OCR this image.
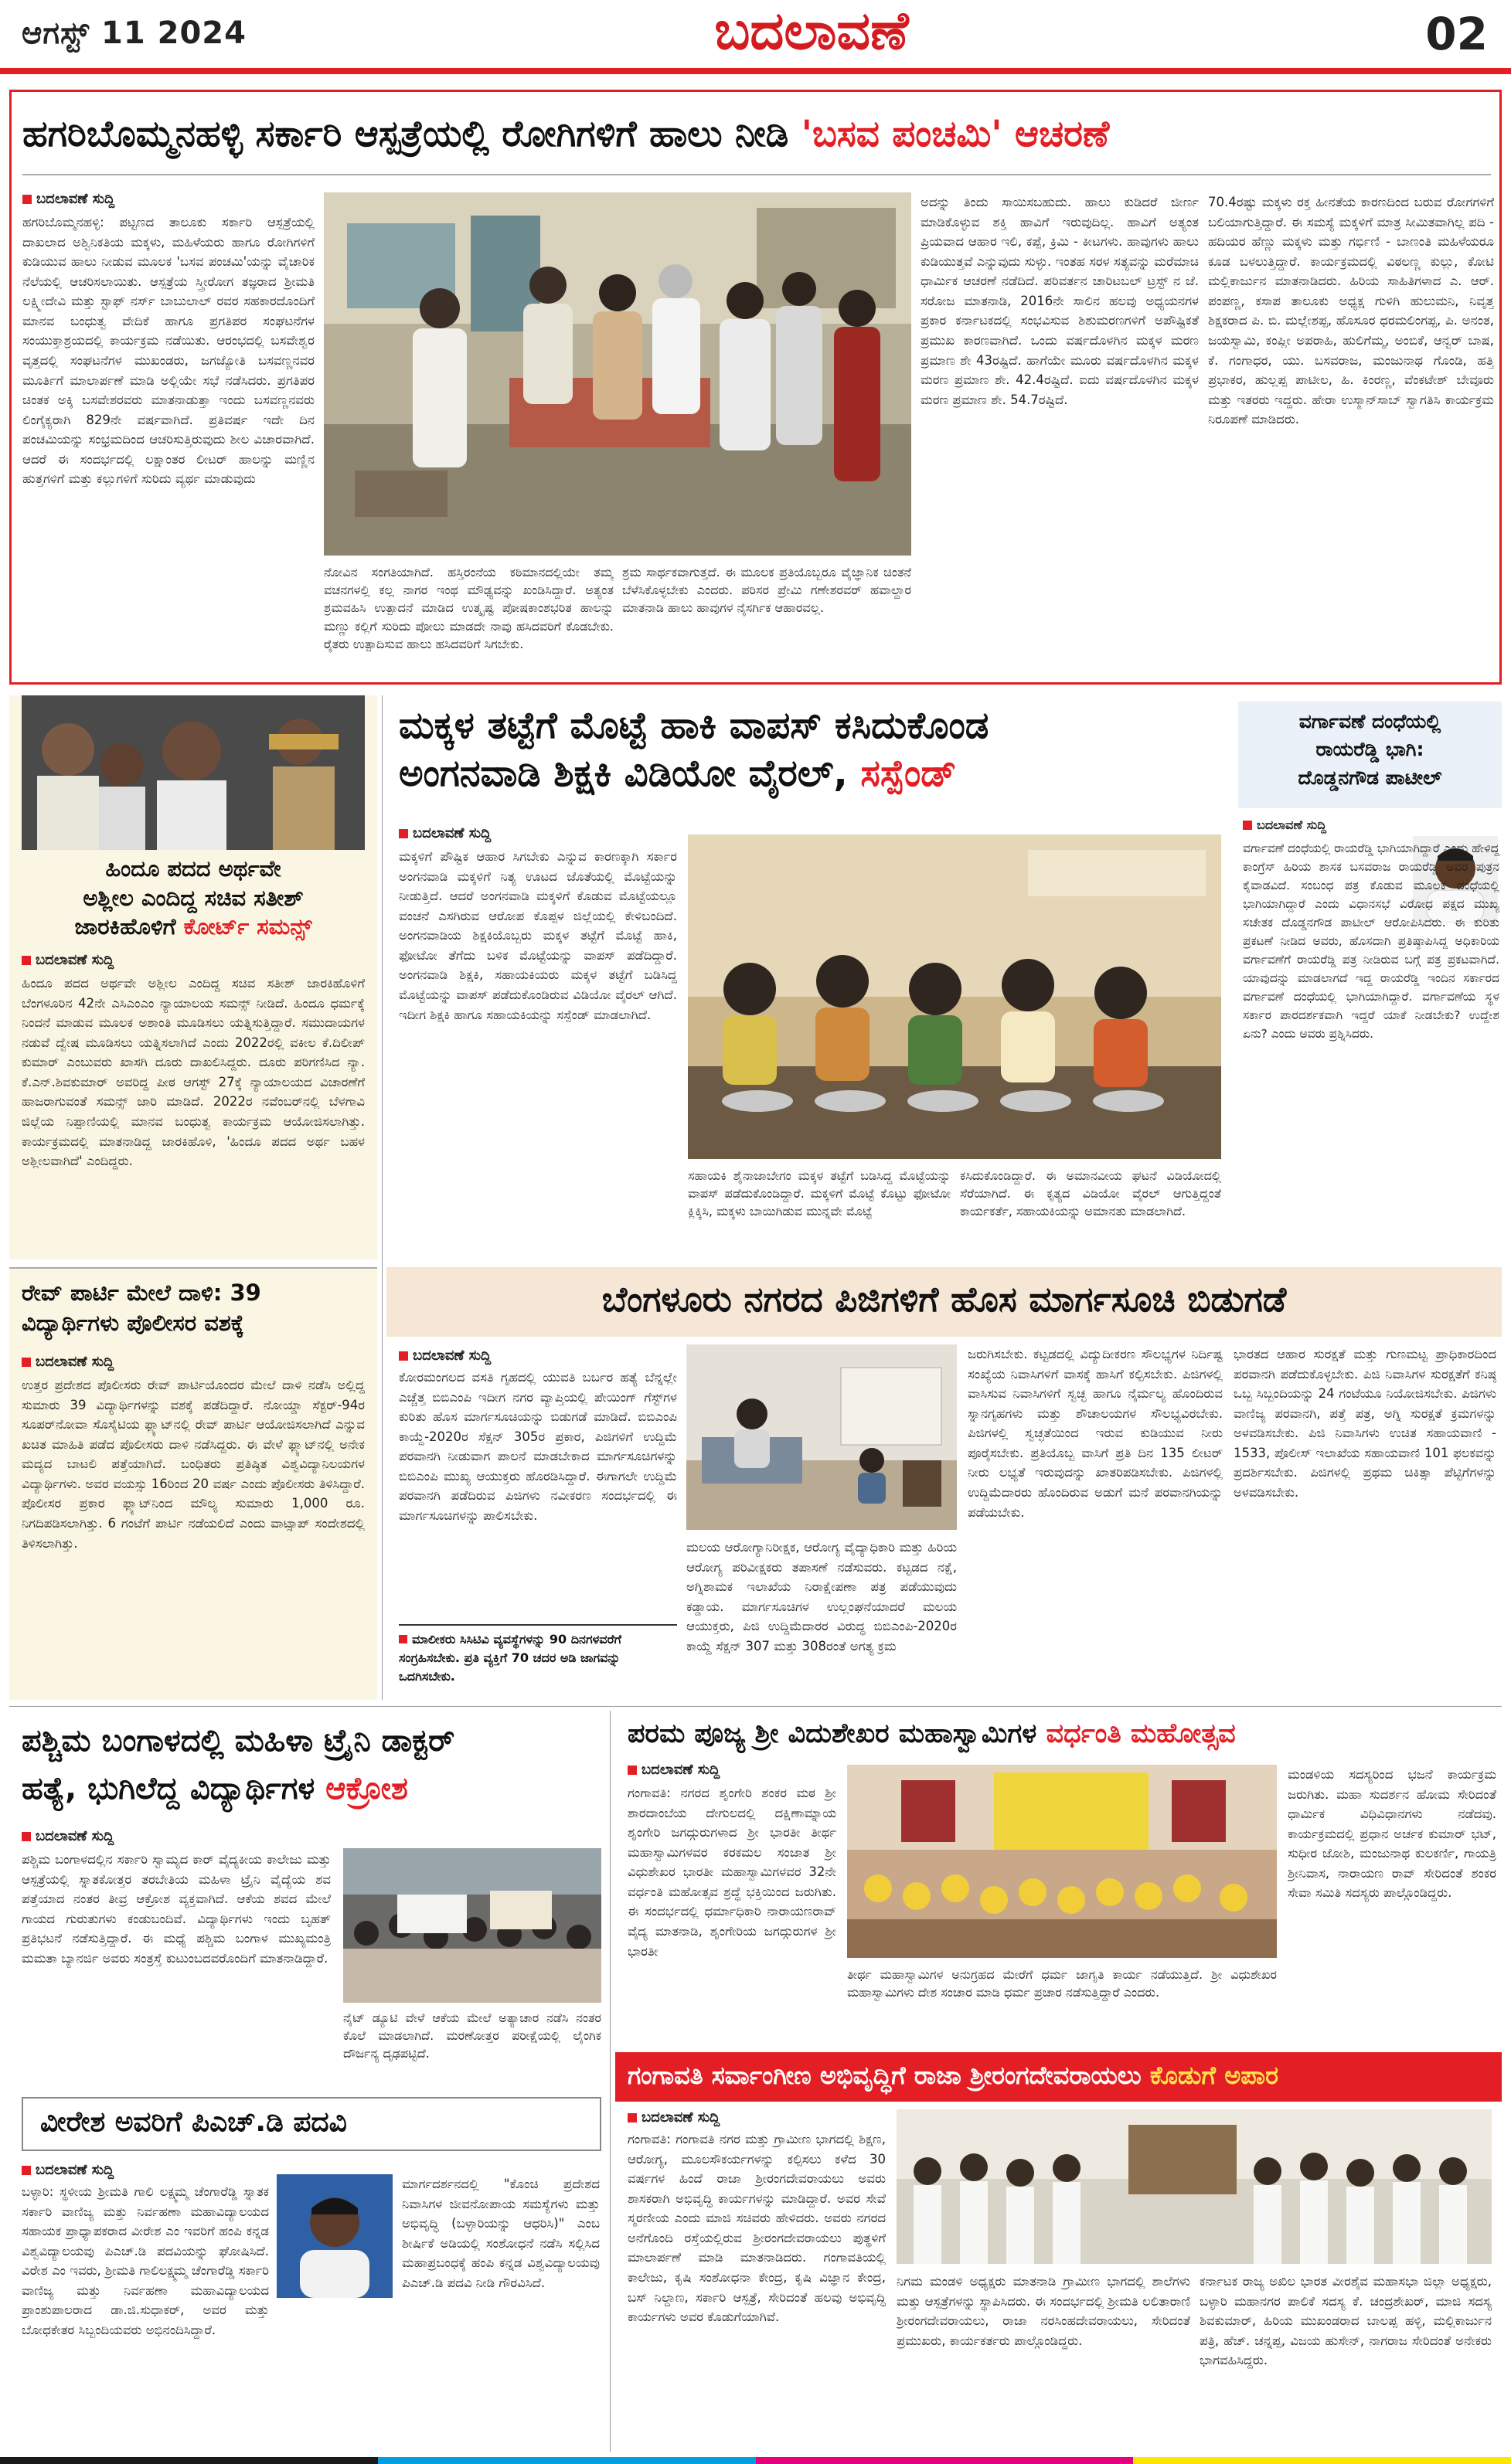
ಆಗಸ್ಟ್ 11 2024	ಬದಲಾವಣೆ	02
ಹಗರಿಬೊಮ್ಮನಹಳ್ಳಿ ಸರ್ಕಾರಿ ಆಸ್ಪತ್ರೆಯಲ್ಲಿ ರೋಗಿಗಳಿಗೆ ಹಾಲು ನೀಡಿ 'ಬಸವ ಪಂಚಮಿ' ಆಚರಣೆ
ಬದಲಾವಣೆ ಸುದ್ದಿ
ಹಗರಿಬೊಮ್ಮನಹಳ್ಳಿ: ಪಟ್ಟಣದ ತಾಲೂಕು ಸರ್ಕಾರಿ ಆಸ್ಪತ್ರೆಯಲ್ಲಿ ದಾಖಲಾದ ಅಶ್ವಿನಿಕತಿಯ ಮಕ್ಕಳು, ಮಹಿಳೆಯರು ಹಾಗೂ ರೋಗಿಗಳಿಗೆ ಕುಡಿಯುವ ಹಾಲು ನೀಡುವ ಮೂಲಕ 'ಬಸವ ಪಂಚಮಿ'ಯನ್ನು ವೈಚಾರಿಕ ನೆಲೆಯಲ್ಲಿ ಆಚರಿಸಲಾಯಿತು. ಆಸ್ಪತ್ರೆಯ ಸ್ತ್ರೀರೋಗ ತಜ್ಞರಾದ ಶ್ರೀಮತಿ ಲಕ್ಷ್ಮೀದೇವಿ ಮತ್ತು ಸ್ಟಾಫ್ ನರ್ಸ್ ಬಾಬುಲಾಲ್ ರವರ ಸಹಕಾರದೊಂದಿಗೆ ಮಾನವ ಬಂಧುತ್ವ ವೇದಿಕೆ ಹಾಗೂ ಪ್ರಗತಿಪರ ಸಂಘಟನೆಗಳ ಸಂಯುಕ್ತಾಶ್ರಯದಲ್ಲಿ ಕಾರ್ಯಕ್ರಮ ನಡೆಯಿತು. ಆರಂಭದಲ್ಲಿ ಬಸವೇಶ್ವರ ವೃತ್ತದಲ್ಲಿ ಸಂಘಟನೆಗಳ ಮುಖಂಡರು, ಜಗಜ್ಯೋತಿ ಬಸವಣ್ಣನವರ ಮೂರ್ತಿಗೆ ಮಾಲಾರ್ಪಣೆ ಮಾಡಿ ಅಲ್ಲಿಯೇ ಸಭೆ ನಡೆಸಿದರು. ಪ್ರಗತಿಪರ ಚಿಂತಕ ಅಕ್ಕಿ ಬಸವೇಶರವರು ಮಾತನಾಡುತ್ತಾ ಇಂದು ಬಸವಣ್ಣನವರು ಲಿಂಗೈಕ್ಯರಾಗಿ 829ನೇ ವರ್ಷವಾಗಿದೆ. ಪ್ರತಿವರ್ಷ ಇದೇ ದಿನ ಪಂಚಮಿಯನ್ನು ಸಂಭ್ರಮದಿಂದ ಆಚರಿಸುತ್ತಿರುವುದು ಶೀಲ ವಿಚಾರವಾಗಿದೆ. ಆದರೆ ಈ ಸಂದರ್ಭದಲ್ಲಿ ಲಕ್ಷಾಂತರ ಲೀಟರ್ ಹಾಲನ್ನು ಮಣ್ಣಿನ ಹುತ್ತಗಳಿಗೆ ಮತ್ತು ಕಲ್ಲುಗಳಿಗೆ ಸುರಿದು ವ್ಯರ್ಥ ಮಾಡುವುದು
ನೋವಿನ ಸಂಗತಿಯಾಗಿದೆ. ಹಸ್ತಿರಂನೆಯ ಕಠಿಮಾನದಲ್ಲಿಯೇ ತಮ್ಮ ವಚನಗಳಲ್ಲಿ ಕಲ್ಲ ನಾಗರ ಇಂಥ ಮೌಢ್ಯವನ್ನು ಖಂಡಿಸಿದ್ದಾರೆ. ಅತ್ಯಂತ ಶ್ರಮವಹಿಸಿ ಉತ್ಪಾದನೆ ಮಾಡಿದ ಉತ್ಕೃಷ್ಟ ಪೋಷಕಾಂಶಭರಿತ ಹಾಲನ್ನು ಮಣ್ಣು ಕಲ್ಲಿಗೆ ಸುರಿದು ಪೋಲು ಮಾಡದೇ ನಾವು ಹಸಿದವರಿಗೆ ಕೊಡಬೇಕು. ರೈತರು ಉತ್ಪಾದಿಸುವ ಹಾಲು ಹಸಿದವರಿಗೆ ಸಿಗಬೇಕು.
ಶ್ರಮ ಸಾರ್ಥಕವಾಗುತ್ತದೆ. ಈ ಮೂಲಕ ಪ್ರತಿಯೊಬ್ಬರೂ ವೈಜ್ಞಾನಿಕ ಚಿಂತನೆ ಬೆಳೆಸಿಕೊಳ್ಳಬೇಕು ಎಂದರು. ಪರಿಸರ ಪ್ರೇಮಿ ಗಣೇಶರವರ್ ಹವಾಲ್ದಾರ ಮಾತನಾಡಿ ಹಾಲು ಹಾವುಗಳ ನೈಸರ್ಗಿಕ ಆಹಾರವಲ್ಲ.
ಅದನ್ನು ತಿಂದು ಸಾಯಿಸಬಹುದು. ಹಾಲು ಕುಡಿದರೆ ಜೀರ್ಣ ಮಾಡಿಕೊಳ್ಳುವ ಶಕ್ತಿ ಹಾವಿಗೆ ಇರುವುದಿಲ್ಲ. ಹಾವಿಗೆ ಅತ್ಯಂತ ಪ್ರಿಯವಾದ ಆಹಾರ ಇಲಿ, ಕಪ್ಪೆ, ಕ್ರಿಮಿ - ಕೀಟಗಳು. ಹಾವುಗಳು ಹಾಲು ಕುಡಿಯುತ್ತವೆ ಎನ್ನುವುದು ಸುಳ್ಳು. ಇಂತಹ ಸರಳ ಸತ್ಯವನ್ನು ಮರೆಮಾಚಿ ಧಾರ್ಮಿಕ ಆಚರಣೆ ನಡೆದಿದೆ. ಪರಿವರ್ತನ ಚಾರಿಟಬಲ್ ಟ್ರಸ್ಟ್ ನ ಜೆ. ಸರೋಜ ಮಾತನಾಡಿ, 2016ನೇ ಸಾಲಿನ ಹಲವು ಅಧ್ಯಯನಗಳ ಪ್ರಕಾರ ಕರ್ನಾಟಕದಲ್ಲಿ ಸಂಭವಿಸುವ ಶಿಶುಮರಣಗಳಿಗೆ ಅಪೌಷ್ಟಿಕತೆ ಪ್ರಮುಖ ಕಾರಣವಾಗಿದೆ. ಒಂದು ವರ್ಷದೊಳಗಿನ ಮಕ್ಕಳ ಮರಣ ಪ್ರಮಾಣ ಶೇ 43ರಷ್ಟಿದೆ. ಹಾಗೆಯೇ ಮೂರು ವರ್ಷದೊಳಗಿನ ಮಕ್ಕಳ ಮರಣ ಪ್ರಮಾಣ ಶೇ. 42.4ರಷ್ಟಿದೆ. ಐದು ವರ್ಷದೊಳಗಿನ ಮಕ್ಕಳ ಮರಣ ಪ್ರಮಾಣ ಶೇ. 54.7ರಷ್ಟಿದೆ.
70.4ರಷ್ಟು ಮಕ್ಕಳು ರಕ್ತ ಹೀನತೆಯ ಕಾರಣದಿಂದ ಬರುವ ರೋಗಗಳಿಗೆ ಬಲಿಯಾಗುತ್ತಿದ್ದಾರೆ. ಈ ಸಮಸ್ಯೆ ಮಕ್ಕಳಿಗೆ ಮಾತ್ರ ಸೀಮಿತವಾಗಿಲ್ಲ ಪದಿ - ಹದಿಯರ ಹೆಣ್ಣು ಮಕ್ಕಳು ಮತ್ತು ಗರ್ಭಿಣಿ - ಬಾಣಂತಿ ಮಹಿಳೆಯರೂ ಕೂಡ ಬಳಲುತ್ತಿದ್ದಾರೆ. ಕಾರ್ಯಕ್ರಮದಲ್ಲಿ ವಿಠಲಣ್ಣ ಕುಲ್ಲು, ಕೋಟಿ ಮಲ್ಲಿಕಾರ್ಜುನ ಮಾತನಾಡಿದರು. ಹಿರಿಯ ಸಾಹಿತಿಗಳಾದ ಎ. ಆರ್. ಪಂಪಣ್ಣ, ಕಸಾಪ ತಾಲೂಕು ಅಧ್ಯಕ್ಷ ಗುಳಿಗಿ ಹುಲುಮನಿ, ನಿವೃತ್ತ ಶಿಕ್ಷಕರಾದ ಪಿ. ಬಿ. ಮಲ್ಲೇಶಪ್ಪ, ಹೊಸೂರ ಧರಮಲಿಂಗಪ್ಪ, ಪಿ. ಅನಂತ, ಜಯಸ್ವಾಮಿ, ಕಂಪ್ಲೀ ಅಪರಾಹಿ, ಹುಲಿಗೆಮ್ಮ, ಅಂಬಿಕೆ, ಆನ್ವರ್ ಬಾಷ, ಕೆ. ಗಂಗಾಧರ, ಯು. ಬಸವರಾಜ, ಮಂಜುನಾಥ ಗೊಂಡಿ, ಹತ್ತಿ ಪ್ರಭಾಕರ, ಹುಲ್ಲಪ್ಪ ಪಾಟೀಲ, ಹಿ. ಕಿಂರಣ್ಣ, ವೆಂಕಟೇಶ್ ಬೇವೂರು ಮತ್ತು ಇತರರು ಇದ್ದರು. ಹೇರಾ ಉಸ್ಮಾನ್‌ಸಾಬ್ ಸ್ವಾಗತಿಸಿ ಕಾರ್ಯಕ್ರಮ ನಿರೂಪಣೆ ಮಾಡಿದರು.
ಹಿಂದೂ ಪದದ ಅರ್ಥವೇ
ಅಶ್ಲೀಲ ಎಂದಿದ್ದ ಸಚಿವ ಸತೀಶ್
ಜಾರಕಿಹೊಳಿಗೆ ಕೋರ್ಟ್ ಸಮನ್ಸ್
ಬದಲಾವಣೆ ಸುದ್ದಿ
ಹಿಂದೂ ಪದದ ಅರ್ಥವೇ ಅಶ್ಲೀಲ ಎಂದಿದ್ದ ಸಚಿವ ಸತೀಶ್ ಜಾರಕಿಹೊಳಿಗೆ ಬೆಂಗಳೂರಿನ 42ನೇ ಎಸಿಎಂಎಂ ನ್ಯಾಯಾಲಯ ಸಮನ್ಸ್ ನೀಡಿದೆ. ಹಿಂದೂ ಧರ್ಮಕ್ಕೆ ನಿಂದನೆ ಮಾಡುವ ಮೂಲಕ ಅಶಾಂತಿ ಮೂಡಿಸಲು ಯತ್ನಿಸುತ್ತಿದ್ದಾರೆ. ಸಮುದಾಯಗಳ ನಡುವೆ ದ್ವೇಷ ಮೂಡಿಸಲು ಯತ್ನಿಸಲಾಗಿದೆ ಎಂದು 2022ರಲ್ಲಿ ವಕೀಲ ಕೆ.ದಿಲೀಪ್ ಕುಮಾರ್ ಎಂಬುವರು ಖಾಸಗಿ ದೂರು ದಾಖಲಿಸಿದ್ದರು. ದೂರು ಪರಿಗಣಿಸಿದ ನ್ಯಾ. ಕೆ.ಎನ್.ಶಿವಕುಮಾರ್ ಅವರಿದ್ದ ಪೀಠ ಆಗಸ್ಟ್ 27ಕ್ಕೆ ನ್ಯಾಯಾಲಯದ ವಿಚಾರಣೆಗೆ ಹಾಜರಾಗುವಂತೆ ಸಮನ್ಸ್ ಜಾರಿ ಮಾಡಿದೆ. 2022ರ ನವೆಂಬರ್‌ನಲ್ಲಿ ಬೆಳಗಾವಿ ಜಿಲ್ಲೆಯ ನಿಪ್ಪಾಣಿಯಲ್ಲಿ ಮಾನವ ಬಂಧುತ್ವ ಕಾರ್ಯಕ್ರಮ ಆಯೋಜಿಸಲಾಗಿತ್ತು. ಕಾರ್ಯಕ್ರಮದಲ್ಲಿ ಮಾತನಾಡಿದ್ದ ಜಾರಕಿಹೊಳಿ, 'ಹಿಂದೂ ಪದದ ಅರ್ಥ ಬಹಳ ಅಶ್ಲೀಲವಾಗಿದೆ' ಎಂದಿದ್ದರು.
ರೇವ್ ಪಾರ್ಟಿ ಮೇಲೆ ದಾಳಿ: 39 ವಿದ್ಯಾರ್ಥಿಗಳು ಪೊಲೀಸರ ವಶಕ್ಕೆ
ಬದಲಾವಣೆ ಸುದ್ದಿ
ಉತ್ತರ ಪ್ರದೇಶದ ಪೊಲೀಸರು ರೇವ್ ಪಾರ್ಟಿಯೊಂದರ ಮೇಲೆ ದಾಳಿ ನಡೆಸಿ ಅಲ್ಲಿದ್ದ ಸುಮಾರು 39 ವಿದ್ಯಾರ್ಥಿಗಳನ್ನು ವಶಕ್ಕೆ ಪಡೆದಿದ್ದಾರೆ. ನೋಯ್ಡಾ ಸೆಕ್ಟರ್-94ರ ಸೂಪರ್‌ನೋವಾ ಸೊಸೈಟಿಯ ಫ್ಲ್ಯಾಟ್‌ನಲ್ಲಿ ರೇವ್ ಪಾರ್ಟಿ ಆಯೋಜಿಸಲಾಗಿದೆ ಎನ್ನುವ ಖಚಿತ ಮಾಹಿತಿ ಪಡೆದ ಪೊಲೀಸರು ದಾಳಿ ನಡೆಸಿದ್ದರು. ಈ ವೇಳೆ ಫ್ಲ್ಯಾಟ್‌ನಲ್ಲಿ ಅನೇಕ ಮದ್ಯದ ಬಾಟಲಿ ಪತ್ತೆಯಾಗಿದೆ. ಬಂಧಿತರು ಪ್ರತಿಷ್ಠಿತ ವಿಶ್ವವಿದ್ಯಾನಿಲಯಗಳ ವಿದ್ಯಾರ್ಥಿಗಳು. ಅವರ ವಯಸ್ಸು 16ರಿಂದ 20 ವರ್ಷ ಎಂದು ಪೊಲೀಸರು ತಿಳಿಸಿದ್ದಾರೆ. ಪೊಲೀಸರ ಪ್ರಕಾರ ಫ್ಲ್ಯಾಟ್‌ನಿಂದ ಮೌಲ್ಯ ಸುಮಾರು 1,000 ರೂ. ನಿಗದಿಪಡಿಸಲಾಗಿತ್ತು. 6 ಗಂಟೆಗೆ ಪಾರ್ಟಿ ನಡೆಯಲಿದೆ ಎಂದು ವಾಟ್ಸಾಪ್ ಸಂದೇಶದಲ್ಲಿ ತಿಳಿಸಲಾಗಿತ್ತು.
ಮಕ್ಕಳ ತಟ್ಟೆಗೆ ಮೊಟ್ಟೆ ಹಾಕಿ ವಾಪಸ್ ಕಸಿದುಕೊಂಡ
ಅಂಗನವಾಡಿ ಶಿಕ್ಷಕಿ ವಿಡಿಯೋ ವೈರಲ್, ಸಸ್ಪೆಂಡ್
ಬದಲಾವಣೆ ಸುದ್ದಿ
ಮಕ್ಕಳಿಗೆ ಪೌಷ್ಟಿಕ ಆಹಾರ ಸಿಗಬೇಕು ಎನ್ನುವ ಕಾರಣಕ್ಕಾಗಿ ಸರ್ಕಾರ ಅಂಗನವಾಡಿ ಮಕ್ಕಳಿಗೆ ನಿತ್ಯ ಊಟದ ಜೊತೆಯಲ್ಲಿ ಮೊಟ್ಟೆಯನ್ನು ನೀಡುತ್ತಿದೆ. ಆದರೆ ಅಂಗನವಾಡಿ ಮಕ್ಕಳಿಗೆ ಕೊಡುವ ಮೊಟ್ಟೆಯಲ್ಲೂ ವಂಚನೆ ಎಸಗಿರುವ ಆರೋಪ ಕೊಪ್ಪಳ ಜಿಲ್ಲೆಯಲ್ಲಿ ಕೇಳಿಬಂದಿದೆ. ಅಂಗನವಾಡಿಯ ಶಿಕ್ಷಕಿಯೊಬ್ಬರು ಮಕ್ಕಳ ತಟ್ಟೆಗೆ ಮೊಟ್ಟೆ ಹಾಕಿ, ಫೋಟೋ ತೆಗೆದು ಬಳಿಕ ಮೊಟ್ಟೆಯನ್ನು ವಾಪಸ್ ಪಡೆದಿದ್ದಾರೆ. ಅಂಗನವಾಡಿ ಶಿಕ್ಷಕಿ, ಸಹಾಯಕಿಯರು ಮಕ್ಕಳ ತಟ್ಟೆಗೆ ಬಡಿಸಿದ್ದ ಮೊಟ್ಟೆಯನ್ನು ವಾಪಸ್ ಪಡೆದುಕೊಂಡಿರುವ ವಿಡಿಯೋ ವೈರಲ್ ಆಗಿದೆ. ಇದೀಗ ಶಿಕ್ಷಕಿ ಹಾಗೂ ಸಹಾಯಕಿಯನ್ನು ಸಸ್ಪೆಂಡ್ ಮಾಡಲಾಗಿದೆ.
ಸಹಾಯಕಿ ಶೈನಾಜಾಬೇಗಂ ಮಕ್ಕಳ ತಟ್ಟೆಗೆ ಬಡಿಸಿದ್ದ ಮೊಟ್ಟೆಯನ್ನು ವಾಪಸ್ ಪಡೆದುಕೊಂಡಿದ್ದಾರೆ. ಮಕ್ಕಳಿಗೆ ಮೊಟ್ಟೆ ಕೊಟ್ಟು ಫೋಟೋ ಕ್ಲಿಕ್ಕಿಸಿ, ಮಕ್ಕಳು ಬಾಯಿಗಿಡುವ ಮುನ್ನವೇ ಮೊಟ್ಟೆ
ಕಸಿದುಕೊಂಡಿದ್ದಾರೆ. ಈ ಅಮಾನವೀಯ ಘಟನೆ ವಿಡಿಯೋದಲ್ಲಿ ಸೆರೆಯಾಗಿದೆ. ಈ ಕೃತ್ಯದ ವಿಡಿಯೋ ವೈರಲ್ ಆಗುತ್ತಿದ್ದಂತೆ ಕಾರ್ಯಕರ್ತೆ, ಸಹಾಯಕಿಯನ್ನು ಅಮಾನತು ಮಾಡಲಾಗಿದೆ.
ವರ್ಗಾವಣೆ ದಂಧೆಯಲ್ಲಿ
ರಾಯರೆಡ್ಡಿ ಭಾಗಿ:
ದೊಡ್ಡನಗೌಡ ಪಾಟೀಲ್
ಬದಲಾವಣೆ ಸುದ್ದಿ
ವರ್ಗಾವಣೆ ದಂಧೆಯಲ್ಲಿ ರಾಯರೆಡ್ಡಿ ಭಾಗಿಯಾಗಿದ್ದಾರೆ ಎಂದು ಹೇಳಿದ್ದ ಕಾಂಗ್ರೆಸ್ ಹಿರಿಯ ಶಾಸಕ ಬಸವರಾಜ ರಾಯರೆಡ್ಡಿ ಅವರ ಪುತ್ರನ ಕೈವಾಡವಿದೆ. ಸಂಬಂಧ ಪತ್ರ ಕೊಡುವ ಮೂಲಕ ದಂಧೆಯಲ್ಲಿ ಭಾಗಿಯಾಗಿದ್ದಾರೆ ಎಂದು ವಿಧಾನಸಭೆ ವಿರೋಧ ಪಕ್ಷದ ಮುಖ್ಯ ಸಚೇತಕ ದೊಡ್ಡನಗೌಡ ಪಾಟೀಲ್ ಆರೋಪಿಸಿದರು. ಈ ಕುರಿತು ಪ್ರಕಟಣೆ ನೀಡಿದ ಅವರು, ಹೊಸದಾಗಿ ಪ್ರತಿಷ್ಠಾಪಿಸಿದ್ದ ಅಧಿಕಾರಿಯ ವರ್ಗಾವಣೆಗೆ ರಾಯರೆಡ್ಡಿ ಪತ್ರ ನೀಡಿರುವ ಬಗ್ಗೆ ಪತ್ರ ಪ್ರಕಟವಾಗಿದೆ. ಯಾವುದನ್ನು ಮಾಡಲಾಗದೆ ಇದ್ದ ರಾಯರೆಡ್ಡಿ ಇಂದಿನ ಸರ್ಕಾರದ ವರ್ಗಾವಣೆ ದಂಧೆಯಲ್ಲಿ ಭಾಗಿಯಾಗಿದ್ದಾರೆ. ವರ್ಗಾವಣೆಯ ಸ್ಥಳ ಸರ್ಕಾರ ಪಾರದರ್ಶಕವಾಗಿ ಇದ್ದರೆ ಯಾಕೆ ನೀಡಬೇಕು? ಉದ್ದೇಶ ಏನು? ಎಂದು ಅವರು ಪ್ರಶ್ನಿಸಿದರು.
ಬೆಂಗಳೂರು ನಗರದ ಪಿಜಿಗಳಿಗೆ ಹೊಸ ಮಾರ್ಗಸೂಚಿ ಬಿಡುಗಡೆ
ಬದಲಾವಣೆ ಸುದ್ದಿ
ಕೋರಮಂಗಲದ ವಸತಿ ಗೃಹದಲ್ಲಿ ಯುವತಿ ಬರ್ಬರ ಹತ್ಯೆ ಬೆನ್ನಲ್ಲೇ ಎಚ್ಚೆತ್ತ ಬಿಬಿಎಂಪಿ ಇದೀಗ ನಗರ ವ್ಯಾಪ್ತಿಯಲ್ಲಿ ಪೇಯಿಂಗ್ ಗೆಸ್ಟ್‌ಗಳ ಕುರಿತು ಹೊಸ ಮಾರ್ಗಸೂಚಿಯನ್ನು ಬಿಡುಗಡೆ ಮಾಡಿದೆ. ಬಿಬಿಎಂಪಿ ಕಾಯ್ದೆ-2020ರ ಸೆಕ್ಷನ್ 305ರ ಪ್ರಕಾರ, ಪಿಜಿಗಳಿಗೆ ಉದ್ದಿಮೆ ಪರವಾನಗಿ ನೀಡುವಾಗ ಪಾಲನೆ ಮಾಡಬೇಕಾದ ಮಾರ್ಗಸೂಚಿಗಳನ್ನು ಬಿಬಿಎಂಪಿ ಮುಖ್ಯ ಆಯುಕ್ತರು ಹೊರಡಿಸಿದ್ದಾರೆ. ಈಗಾಗಲೇ ಉದ್ದಿಮೆ ಪರವಾನಗಿ ಪಡೆದಿರುವ ಪಿಜಿಗಳು ನವೀಕರಣ ಸಂದರ್ಭದಲ್ಲಿ ಈ ಮಾರ್ಗಸೂಚಿಗಳನ್ನು ಪಾಲಿಸಬೇಕು.
ಮಾಲೀಕರು ಸಿಸಿಟಿವಿ ವ್ಯವಸ್ಥೆಗಳನ್ನು 90 ದಿನಗಳವರೆಗೆ ಸಂಗ್ರಹಿಸಬೇಕು. ಪ್ರತಿ ವ್ಯಕ್ತಿಗೆ 70 ಚದರ ಅಡಿ ಜಾಗವನ್ನು ಒದಗಿಸಬೇಕು.
ಮಲಯ ಆರೋಗ್ಯಾನಿರೀಕ್ಷಕ, ಆರೋಗ್ಯ ವೈದ್ಯಾಧಿಕಾರಿ ಮತ್ತು ಹಿರಿಯ ಆರೋಗ್ಯ ಪರಿವೀಕ್ಷಕರು ತಪಾಸಣೆ ನಡೆಸುವರು. ಕಟ್ಟಡದ ನಕ್ಷೆ, ಅಗ್ನಿಶಾಮಕ ಇಲಾಖೆಯ ನಿರಾಕ್ಷೇಪಣಾ ಪತ್ರ ಪಡೆಯುವುದು ಕಡ್ಡಾಯ. ಮಾರ್ಗಸೂಚಿಗಳ ಉಲ್ಲಂಘನೆಯಾದರೆ ಮಲಯ ಆಯುಕ್ತರು, ಪಿಜಿ ಉದ್ದಿಮೆದಾರರ ವಿರುದ್ಧ ಬಿಬಿಎಂಪಿ-2020ರ ಕಾಯ್ದೆ ಸೆಕ್ಷನ್ 307 ಮತ್ತು 308ರಂತೆ ಅಗತ್ಯ ಕ್ರಮ
ಜರುಗಿಸಬೇಕು. ಕಟ್ಟಡದಲ್ಲಿ ವಿದ್ಯುದೀಕರಣ ಸೌಲಭ್ಯಗಳ ನಿರ್ದಿಷ್ಟ ಸಂಖ್ಯೆಯ ನಿವಾಸಿಗಳಿಗೆ ವಾಸಕ್ಕೆ ಹಾಸಿಗೆ ಕಲ್ಪಿಸಬೇಕು. ಪಿಜಿಗಳಲ್ಲಿ ವಾಸಿಸುವ ನಿವಾಸಿಗಳಿಗೆ ಸ್ವಚ್ಛ ಹಾಗೂ ನೈರ್ಮಲ್ಯ ಹೊಂದಿರುವ ಸ್ನಾನಗೃಹಗಳು ಮತ್ತು ಶೌಚಾಲಯಗಳ ಸೌಲಭ್ಯವಿರಬೇಕು. ಪಿಜಿಗಳಲ್ಲಿ ಸ್ವಚ್ಛತೆಯಿಂದ ಇರುವ ಕುಡಿಯುವ ನೀರು ಪೂರೈಸಬೇಕು. ಪ್ರತಿಯೊಬ್ಬ ವಾಸಿಗೆ ಪ್ರತಿ ದಿನ 135 ಲೀಟರ್ ನೀರು ಲಭ್ಯತೆ ಇರುವುದನ್ನು ಖಾತರಿಪಡಿಸಬೇಕು. ಪಿಜಿಗಳಲ್ಲಿ ಉದ್ದಿಮೆದಾರರು ಹೊಂದಿರುವ ಅಡುಗೆ ಮನೆ ಪರವಾನಗಿಯನ್ನು ಪಡೆಯಬೇಕು.
ಭಾರತದ ಆಹಾರ ಸುರಕ್ಷತೆ ಮತ್ತು ಗುಣಮಟ್ಟ ಪ್ರಾಧಿಕಾರದಿಂದ ಪರವಾನಗಿ ಪಡೆದುಕೊಳ್ಳಬೇಕು. ಪಿಜಿ ನಿವಾಸಿಗಳ ಸುರಕ್ಷತೆಗೆ ಕನಿಷ್ಠ ಒಬ್ಬ ಸಿಬ್ಬಂದಿಯನ್ನು 24 ಗಂಟೆಯೂ ನಿಯೋಜಿಸಬೇಕು. ಪಿಜಿಗಳು ವಾಣಿಜ್ಯ ಪರವಾನಗಿ, ಪತ್ತೆ ಪತ್ರ, ಅಗ್ನಿ ಸುರಕ್ಷತೆ ಕ್ರಮಗಳನ್ನು ಅಳವಡಿಸಬೇಕು. ಪಿಜಿ ನಿವಾಸಿಗಳು ಉಚಿತ ಸಹಾಯವಾಣಿ - 1533, ಪೊಲೀಸ್ ಇಲಾಖೆಯ ಸಹಾಯವಾಣಿ 101 ಫಲಕವನ್ನು ಪ್ರದರ್ಶಿಸಬೇಕು. ಪಿಜಿಗಳಲ್ಲಿ ಪ್ರಥಮ ಚಿಕಿತ್ಸಾ ಪೆಟ್ಟಿಗೆಗಳನ್ನು ಅಳವಡಿಸಬೇಕು.
ಪಶ್ಚಿಮ ಬಂಗಾಳದಲ್ಲಿ ಮಹಿಳಾ ಟ್ರೈನಿ ಡಾಕ್ಟರ್
ಹತ್ಯೆ, ಭುಗಿಲೆದ್ದ ವಿದ್ಯಾರ್ಥಿಗಳ ಆಕ್ರೋಶ
ಬದಲಾವಣೆ ಸುದ್ದಿ
ಪಶ್ಚಿಮ ಬಂಗಾಳದಲ್ಲಿನ ಸರ್ಕಾರಿ ಸ್ವಾಮ್ಯದ ಕಾರ್ ವೈದ್ಯಕೀಯ ಕಾಲೇಜು ಮತ್ತು ಆಸ್ಪತ್ರೆಯಲ್ಲಿ ಸ್ನಾತಕೋತ್ತರ ತರಬೇತಿಯ ಮಹಿಳಾ ಟ್ರೈನಿ ವೈದ್ಯೆಯ ಶವ ಪತ್ತೆಯಾದ ನಂತರ ತೀವ್ರ ಆಕ್ರೋಶ ವ್ಯಕ್ತವಾಗಿದೆ. ಆಕೆಯ ಶವದ ಮೇಲೆ ಗಾಯದ ಗುರುತುಗಳು ಕಂಡುಬಂದಿವೆ. ವಿದ್ಯಾರ್ಥಿಗಳು ಇಂದು ಬೃಹತ್ ಪ್ರತಿಭಟನೆ ನಡೆಸುತ್ತಿದ್ದಾರೆ. ಈ ಮಧ್ಯೆ ಪಶ್ಚಿಮ ಬಂಗಾಳ ಮುಖ್ಯಮಂತ್ರಿ ಮಮತಾ ಬ್ಯಾನರ್ಜಿ ಅವರು ಸಂತ್ರಸ್ತೆ ಕುಟುಂಬದವರೊಂದಿಗೆ ಮಾತನಾಡಿದ್ದಾರೆ.
ನೈಟ್ ಡ್ಯೂಟಿ ವೇಳೆ ಆಕೆಯ ಮೇಲೆ ಅತ್ಯಾಚಾರ ನಡೆಸಿ ನಂತರ ಕೊಲೆ ಮಾಡಲಾಗಿದೆ. ಮರಣೋತ್ತರ ಪರೀಕ್ಷೆಯಲ್ಲಿ ಲೈಂಗಿಕ ದೌರ್ಜನ್ಯ ದೃಢಪಟ್ಟಿದೆ.
ವೀರೇಶ ಅವರಿಗೆ ಪಿಎಚ್.ಡಿ ಪದವಿ
ಬದಲಾವಣೆ ಸುದ್ದಿ
ಬಳ್ಳಾರಿ: ಸ್ಥಳೀಯ ಶ್ರೀಮತಿ ಗಾಲಿ ಲಕ್ಷ್ಮಮ್ಮ ಚೆಂಗಾರೆಡ್ಡಿ ಸ್ನಾತಕ ಸರ್ಕಾರಿ ವಾಣಿಜ್ಯ ಮತ್ತು ನಿರ್ವಹಣಾ ಮಹಾವಿದ್ಯಾಲಯದ ಸಹಾಯಕ ಪ್ರಾಧ್ಯಾಪಕರಾದ ವೀರೇಶ ಎಂ ಇವರಿಗೆ ಹಂಪಿ ಕನ್ನಡ ವಿಶ್ವವಿದ್ಯಾಲಯವು ಪಿಎಚ್.ಡಿ ಪದವಿಯನ್ನು ಘೋಷಿಸಿದೆ. ವಿರೇಶ ಎಂ ಇವರು, ಶ್ರೀಮತಿ ಗಾಲಿಲಕ್ಷ್ಮಮ್ಮ ಚೆಂಗಾರೆಡ್ಡಿ ಸರ್ಕಾರಿ ವಾಣಿಜ್ಯ ಮತ್ತು ನಿರ್ವಹಣಾ ಮಹಾವಿದ್ಯಾಲಯದ ಪ್ರಾಂಶುಪಾಲರಾದ ಡಾ.ಜಿ.ಸುಧಾಕರ್, ಅವರ ಮತ್ತು ಬೋಧಕೇತರ ಸಿಬ್ಬಂದಿಯವರು ಅಭಿನಂದಿಸಿದ್ದಾರೆ.
ಮಾರ್ಗದರ್ಶನದಲ್ಲಿ "ಕೊಂಚಿ ಪ್ರದೇಶದ ನಿವಾಸಿಗಳ ಜೀವನೋಪಾಯ ಸಮಸ್ಯೆಗಳು ಮತ್ತು ಅಭಿವೃದ್ಧಿ (ಬಳ್ಳಾರಿಯನ್ನು ಆಧರಿಸಿ)" ಎಂಬ ಶೀರ್ಷಿಕೆ ಅಡಿಯಲ್ಲಿ ಸಂಶೋಧನೆ ನಡೆಸಿ ಸಲ್ಲಿಸಿದ ಮಹಾಪ್ರಬಂಧಕ್ಕೆ ಹಂಪಿ ಕನ್ನಡ ವಿಶ್ವವಿದ್ಯಾಲಯವು ಪಿಎಚ್.ಡಿ ಪದವಿ ನೀಡಿ ಗೌರವಿಸಿದೆ.
ಪರಮ ಪೂಜ್ಯ ಶ್ರೀ ವಿದುಶೇಖರ ಮಹಾಸ್ವಾಮಿಗಳ ವರ್ಧಂತಿ ಮಹೋತ್ಸವ
ಬದಲಾವಣೆ ಸುದ್ದಿ
ಗಂಗಾವತಿ: ನಗರದ ಶೃಂಗೇರಿ ಶಂಕರ ಮಠ ಶ್ರೀ ಶಾರದಾಂಬೆಯ ದೇಗುಲದಲ್ಲಿ ದಕ್ಷಿಣಾಮ್ನಾಯ ಶೃಂಗೇರಿ ಜಗದ್ಗುರುಗಳಾದ ಶ್ರೀ ಭಾರತೀ ತೀರ್ಥ ಮಹಾಸ್ವಾಮಿಗಳವರ ಕರಕಮಲ ಸಂಜಾತ ಶ್ರೀ ವಿಧುಶೇಖರ ಭಾರತೀ ಮಹಾಸ್ವಾಮಿಗಳವರ 32ನೇ ವರ್ಧಂತಿ ಮಹೋತ್ಸವ ಶ್ರದ್ಧೆ ಭಕ್ತಿಯಿಂದ ಜರುಗಿತು. ಈ ಸಂದರ್ಭದಲ್ಲಿ ಧರ್ಮಾಧಿಕಾರಿ ನಾರಾಯಣರಾವ್ ವೈದ್ಯ ಮಾತನಾಡಿ, ಶೃಂಗೇರಿಯ ಜಗದ್ಗುರುಗಳ ಶ್ರೀ ಭಾರತೀ
ತೀರ್ಥ ಮಹಾಸ್ವಾಮಿಗಳ ಅನುಗ್ರಹದ ಮೇರೆಗೆ ಧರ್ಮ ಜಾಗೃತಿ ಕಾರ್ಯ ನಡೆಯುತ್ತಿದೆ. ಶ್ರೀ ವಿಧುಶೇಖರ ಮಹಾಸ್ವಾಮಿಗಳು ದೇಶ ಸಂಚಾರ ಮಾಡಿ ಧರ್ಮ ಪ್ರಚಾರ ನಡೆಸುತ್ತಿದ್ದಾರೆ ಎಂದರು.
ಮಂಡಳಿಯ ಸದಸ್ಯರಿಂದ ಭಜನೆ ಕಾರ್ಯಕ್ರಮ ಜರುಗಿತು. ಮಹಾ ಸುದರ್ಶನ ಹೋಮ ಸೇರಿದಂತೆ ಧಾರ್ಮಿಕ ವಿಧಿವಿಧಾನಗಳು ನಡೆದವು. ಕಾರ್ಯಕ್ರಮದಲ್ಲಿ ಪ್ರಧಾನ ಅರ್ಚಕ ಕುಮಾರ್ ಭಟ್, ಸುಧೀರ ಜೋಶಿ, ಮಂಜುನಾಥ ಕುಲಕರ್ಣಿ, ಗಾಯತ್ರಿ ಶ್ರೀನಿವಾಸ, ನಾರಾಯಣ ರಾವ್ ಸೇರಿದಂತೆ ಶಂಕರ ಸೇವಾ ಸಮಿತಿ ಸದಸ್ಯರು ಪಾಲ್ಗೊಂಡಿದ್ದರು.
ಗಂಗಾವತಿ ಸರ್ವಾಂಗೀಣ ಅಭಿವೃದ್ಧಿಗೆ ರಾಜಾ ಶ್ರೀರಂಗದೇವರಾಯಲು ಕೊಡುಗೆ ಅಪಾರ
ಬದಲಾವಣೆ ಸುದ್ದಿ
ಗಂಗಾವತಿ: ಗಂಗಾವತಿ ನಗರ ಮತ್ತು ಗ್ರಾಮೀಣ ಭಾಗದಲ್ಲಿ ಶಿಕ್ಷಣ, ಆರೋಗ್ಯ, ಮೂಲಸೌಕರ್ಯಗಳನ್ನು ಕಲ್ಪಿಸಲು ಕಳೆದ 30 ವರ್ಷಗಳ ಹಿಂದೆ ರಾಜಾ ಶ್ರೀರಂಗದೇವರಾಯಲು ಅವರು ಶಾಸಕರಾಗಿ ಅಭಿವೃದ್ಧಿ ಕಾರ್ಯಗಳನ್ನು ಮಾಡಿದ್ದಾರೆ. ಅವರ ಸೇವೆ ಸ್ಮರಣೀಯ ಎಂದು ಮಾಜಿ ಸಚಿವರು ಹೇಳಿದರು. ಅವರು ನಗರದ ಅನೆಗೊಂದಿ ರಸ್ತೆಯಲ್ಲಿರುವ ಶ್ರೀರಂಗದೇವರಾಯಲು ಪುತ್ಥಳಿಗೆ ಮಾಲಾರ್ಪಣೆ ಮಾಡಿ ಮಾತನಾಡಿದರು. ಗಂಗಾವತಿಯಲ್ಲಿ ಕಾಲೇಜು, ಕೃಷಿ ಸಂಶೋಧನಾ ಕೇಂದ್ರ, ಕೃಷಿ ವಿಜ್ಞಾನ ಕೇಂದ್ರ, ಬಸ್ ನಿಲ್ದಾಣ, ಸರ್ಕಾರಿ ಆಸ್ಪತ್ರೆ, ಸೇರಿದಂತೆ ಹಲವು ಅಭಿವೃದ್ಧಿ ಕಾರ್ಯಗಳು ಅವರ ಕೊಡುಗೆಯಾಗಿವೆ.
ನಿಗಮ ಮಂಡಳಿ ಅಧ್ಯಕ್ಷರು ಮಾತನಾಡಿ ಗ್ರಾಮೀಣ ಭಾಗದಲ್ಲಿ ಶಾಲೆಗಳು ಮತ್ತು ಆಸ್ಪತ್ರೆಗಳನ್ನು ಸ್ಥಾಪಿಸಿದರು. ಈ ಸಂದರ್ಭದಲ್ಲಿ ಶ್ರೀಮತಿ ಲಲಿತಾರಾಣಿ ಶ್ರೀರಂಗದೇವರಾಯಲು, ರಾಜಾ ನರಸಿಂಹದೇವರಾಯಲು, ಸೇರಿದಂತೆ ಪ್ರಮುಖರು, ಕಾರ್ಯಕರ್ತರು ಪಾಲ್ಗೊಂಡಿದ್ದರು.
ಕರ್ನಾಟಕ ರಾಜ್ಯ ಅಖಿಲ ಭಾರತ ವೀರಶೈವ ಮಹಾಸಭಾ ಜಿಲ್ಲಾ ಅಧ್ಯಕ್ಷರು, ಬಳ್ಳಾರಿ ಮಹಾನಗರ ಪಾಲಿಕೆ ಸದಸ್ಯ ಕೆ. ಚಂದ್ರಶೇಖರ್, ಮಾಜಿ ಸದಸ್ಯ ಶಿವಕುಮಾರ್, ಹಿರಿಯ ಮುಖಂಡರಾದ ಬಾಲಪ್ಪ ಹಳ್ಳಿ, ಮಲ್ಲಿಕಾರ್ಜುನ ಪತ್ರಿ, ಹೆಚ್. ಚನ್ನಪ್ಪ, ವಿಜಯ ಹುಸೇನ್, ನಾಗರಾಜ ಸೇರಿದಂತೆ ಅನೇಕರು ಭಾಗವಹಿಸಿದ್ದರು.
